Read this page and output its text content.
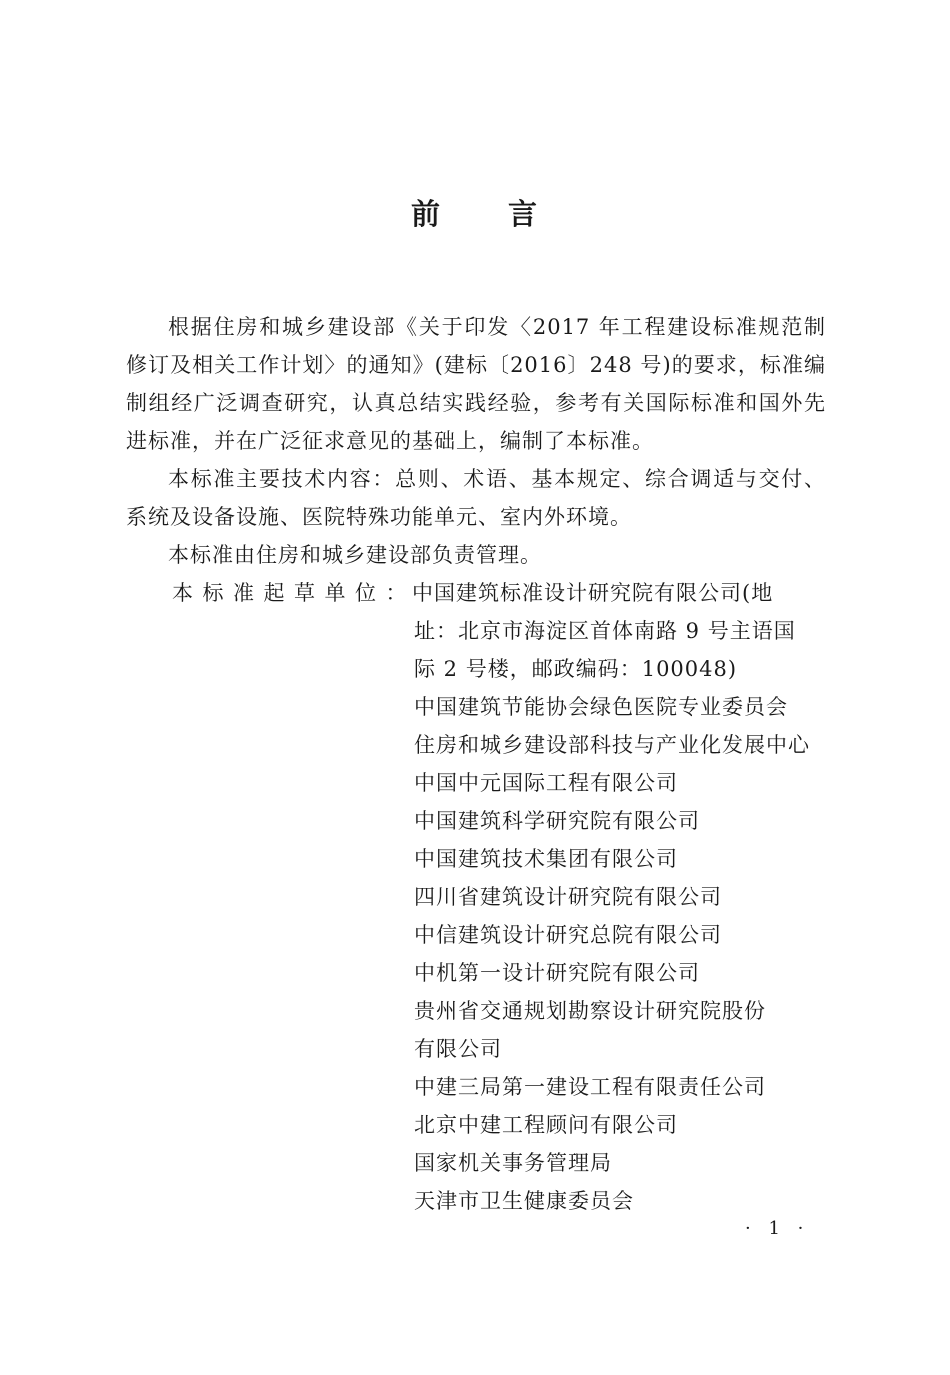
前 言

根据住房和城乡建设部《关于印发〈2017 年工程建设标准规范制修订及相关工作计划〉的通知》(建标〔2016〕248 号)的要求，标准编制组经广泛调查研究，认真总结实践经验，参考有关国际标准和国外先进标准，并在广泛征求意见的基础上，编制了本标准。

本标准主要技术内容：总则、术语、基本规定、综合调适与交付、系统及设备设施、医院特殊功能单元、室内外环境。

本标准由住房和城乡建设部负责管理。

本标准起草单位：
中国建筑标准设计研究院有限公司(地
址：北京市海淀区首体南路 9 号主语国
际 2 号楼，邮政编码：100048)
中国建筑节能协会绿色医院专业委员会
住房和城乡建设部科技与产业化发展中心
中国中元国际工程有限公司
中国建筑科学研究院有限公司
中国建筑技术集团有限公司
四川省建筑设计研究院有限公司
中信建筑设计研究总院有限公司
中机第一设计研究院有限公司
贵州省交通规划勘察设计研究院股份
有限公司
中建三局第一建设工程有限责任公司
北京中建工程顾问有限公司
国家机关事务管理局
天津市卫生健康委员会

· 1 ·
